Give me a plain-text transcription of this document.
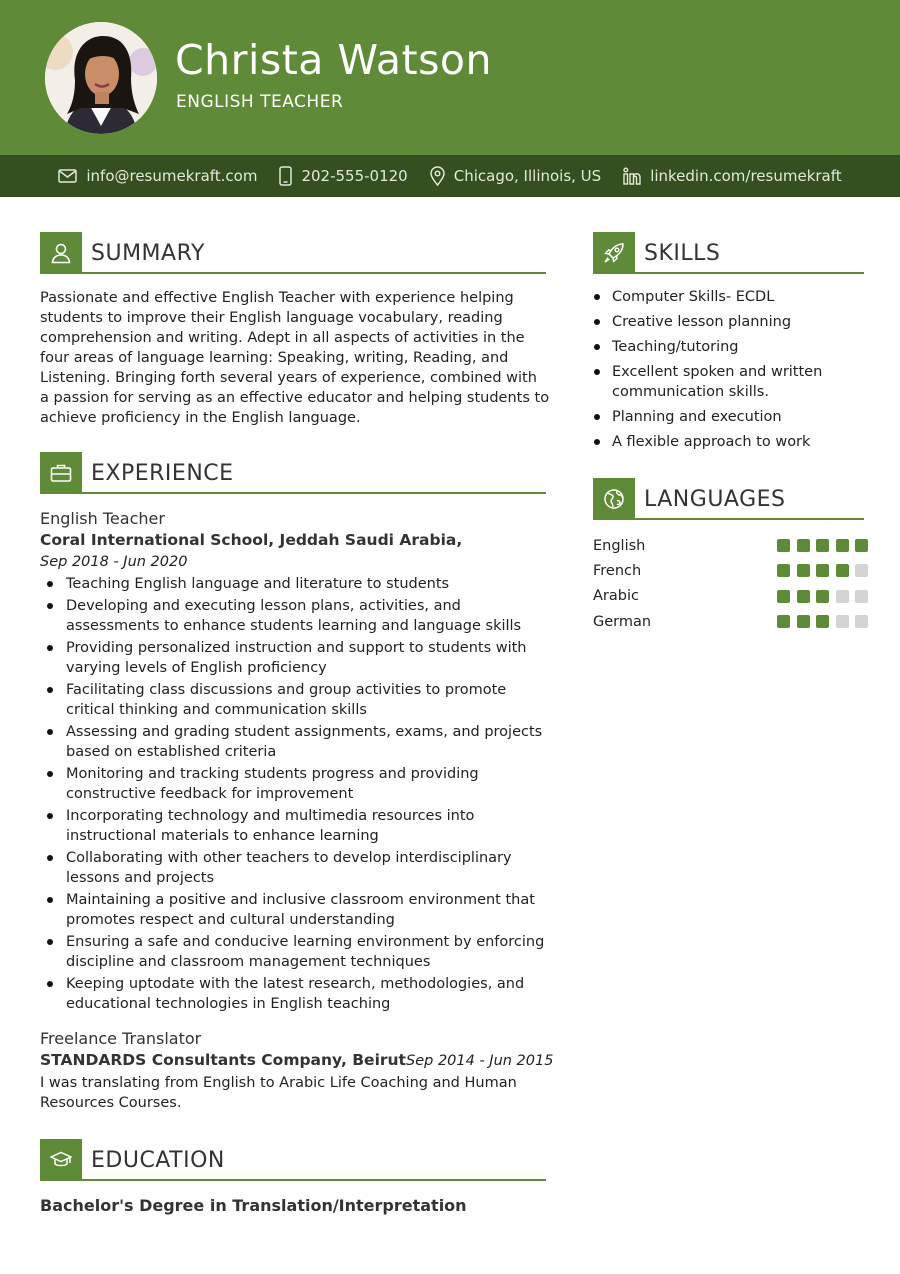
Christa Watson
ENGLISH TEACHER
info@resumekraft.com	202-555-0120	Chicago, Illinois, US	linkedin.com/resumekraft
SUMMARY
Passionate and effective English Teacher with experience helping students to improve their English language vocabulary, reading comprehension and writing. Adept in all aspects of activities in the four areas of language learning: Speaking, writing, Reading, and Listening. Bringing forth several years of experience, combined with a passion for serving as an effective educator and helping students to achieve proficiency in the English language.
EXPERIENCE
English Teacher
Coral International School, Jeddah Saudi Arabia,
Sep 2018 - Jun 2020
Teaching English language and literature to students
Developing and executing lesson plans, activities, and assessments to enhance students learning and language skills
Providing personalized instruction and support to students with varying levels of English proficiency
Facilitating class discussions and group activities to promote critical thinking and communication skills
Assessing and grading student assignments, exams, and projects based on established criteria
Monitoring and tracking students progress and providing constructive feedback for improvement
Incorporating technology and multimedia resources into instructional materials to enhance learning
Collaborating with other teachers to develop interdisciplinary lessons and projects
Maintaining a positive and inclusive classroom environment that promotes respect and cultural understanding
Ensuring a safe and conducive learning environment by enforcing discipline and classroom management techniques
Keeping uptodate with the latest research, methodologies, and educational technologies in English teaching
Freelance Translator
STANDARDS Consultants Company, Beirut Sep 2014 - Jun 2015
I was translating from English to Arabic Life Coaching and Human Resources Courses.
EDUCATION
Bachelor's Degree in Translation/Interpretation
SKILLS
Computer Skills- ECDL
Creative lesson planning
Teaching/tutoring
Excellent spoken and written communication skills.
Planning and execution
A flexible approach to work
LANGUAGES
English
French
Arabic
German
